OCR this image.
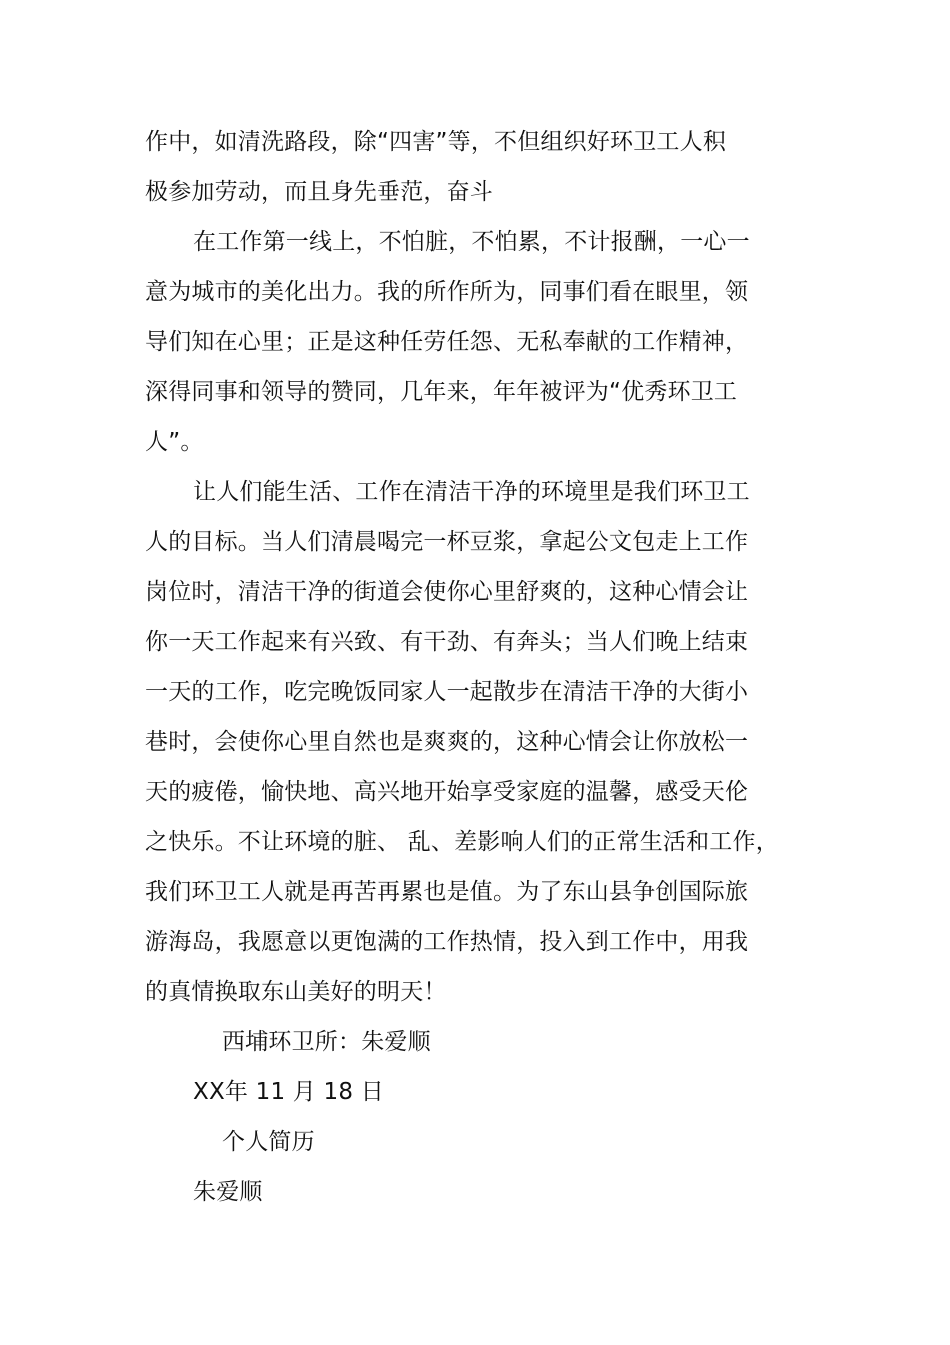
作中，如清洗路段，除“四害”等，不但组织好环卫工人积
极参加劳动，而且身先垂范，奋斗
在工作第一线上，不怕脏，不怕累，不计报酬，一心一
意为城市的美化出力。我的所作所为，同事们看在眼里，领
导们知在心里；正是这种任劳任怨、无私奉献的工作精神，
深得同事和领导的赞同，几年来，年年被评为“优秀环卫工
人”。
让人们能生活、工作在清洁干净的环境里是我们环卫工
人的目标。当人们清晨喝完一杯豆浆，拿起公文包走上工作
岗位时，清洁干净的街道会使你心里舒爽的，这种心情会让
你一天工作起来有兴致、有干劲、有奔头；当人们晚上结束
一天的工作，吃完晚饭同家人一起散步在清洁干净的大街小
巷时，会使你心里自然也是爽爽的，这种心情会让你放松一
天的疲倦，愉快地、高兴地开始享受家庭的温馨，感受天伦
之快乐。不让环境的脏、 乱、差影响人们的正常生活和工作，
我们环卫工人就是再苦再累也是值。为了东山县争创国际旅
游海岛，我愿意以更饱满的工作热情，投入到工作中，用我
的真情换取东山美好的明天！
西埔环卫所：朱爱顺
XX年 11 月 18 日
个人简历
朱爱顺
